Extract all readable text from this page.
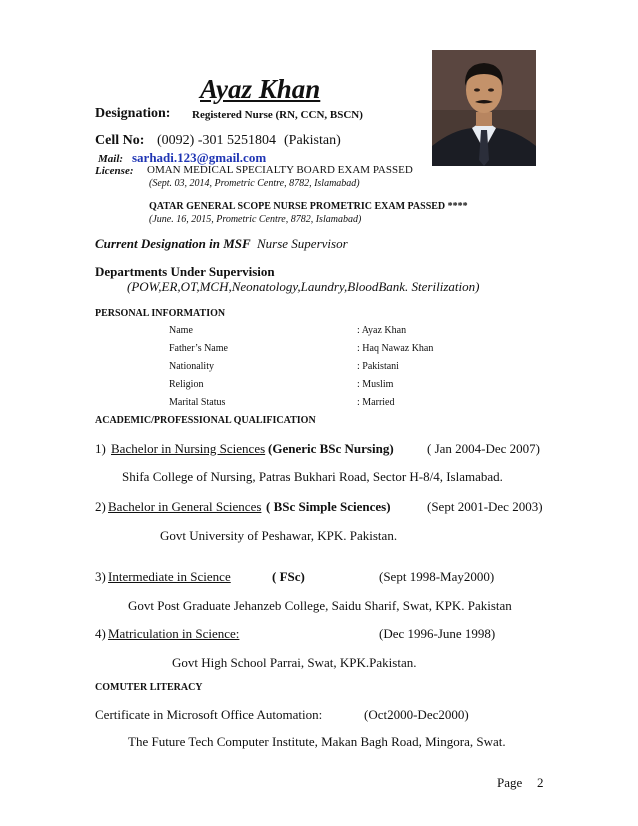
Ayaz Khan
Designation: Registered Nurse (RN, CCN, BSCN)
Cell No: (0092) -301 5251804 (Pakistan)
Mail: sarhadi.123@gmail.com
License: OMAN MEDICAL SPECIALTY BOARD EXAM PASSED
(Sept. 03, 2014, Prometric Centre, 8782, Islamabad)
QATAR GENERAL SCOPE NURSE PROMETRIC EXAM PASSED ****
(June. 16, 2015, Prometric Centre, 8782, Islamabad)
Current Designation in MSF Nurse Supervisor
Departments Under Supervision
(POW,ER,OT,MCH,Neonatology,Laundry,BloodBank. Sterilization)
PERSONAL INFORMATION
Name	: Ayaz Khan
Father’s Name	: Haq Nawaz Khan
Nationality	: Pakistani
Religion	: Muslim
Marital Status	: Married
ACADEMIC/PROFESSIONAL QUALIFICATION
1) Bachelor in Nursing Sciences (Generic BSc Nursing)	( Jan 2004-Dec 2007)
Shifa College of Nursing, Patras Bukhari Road, Sector H-8/4, Islamabad.
2) Bachelor in General Sciences ( BSc Simple Sciences)	(Sept 2001-Dec 2003)
Govt University of Peshawar, KPK. Pakistan.
3) Intermediate in Science	( FSc)	(Sept 1998-May2000)
Govt Post Graduate Jehanzeb College, Saidu Sharif, Swat, KPK. Pakistan
4) Matriculation in Science:	(Dec 1996-June 1998)
Govt High School Parrai, Swat, KPK.Pakistan.
COMUTER LITERACY
Certificate in Microsoft Office Automation:	(Oct2000-Dec2000)
The Future Tech Computer Institute, Makan Bagh Road, Mingora, Swat.
Page 2
